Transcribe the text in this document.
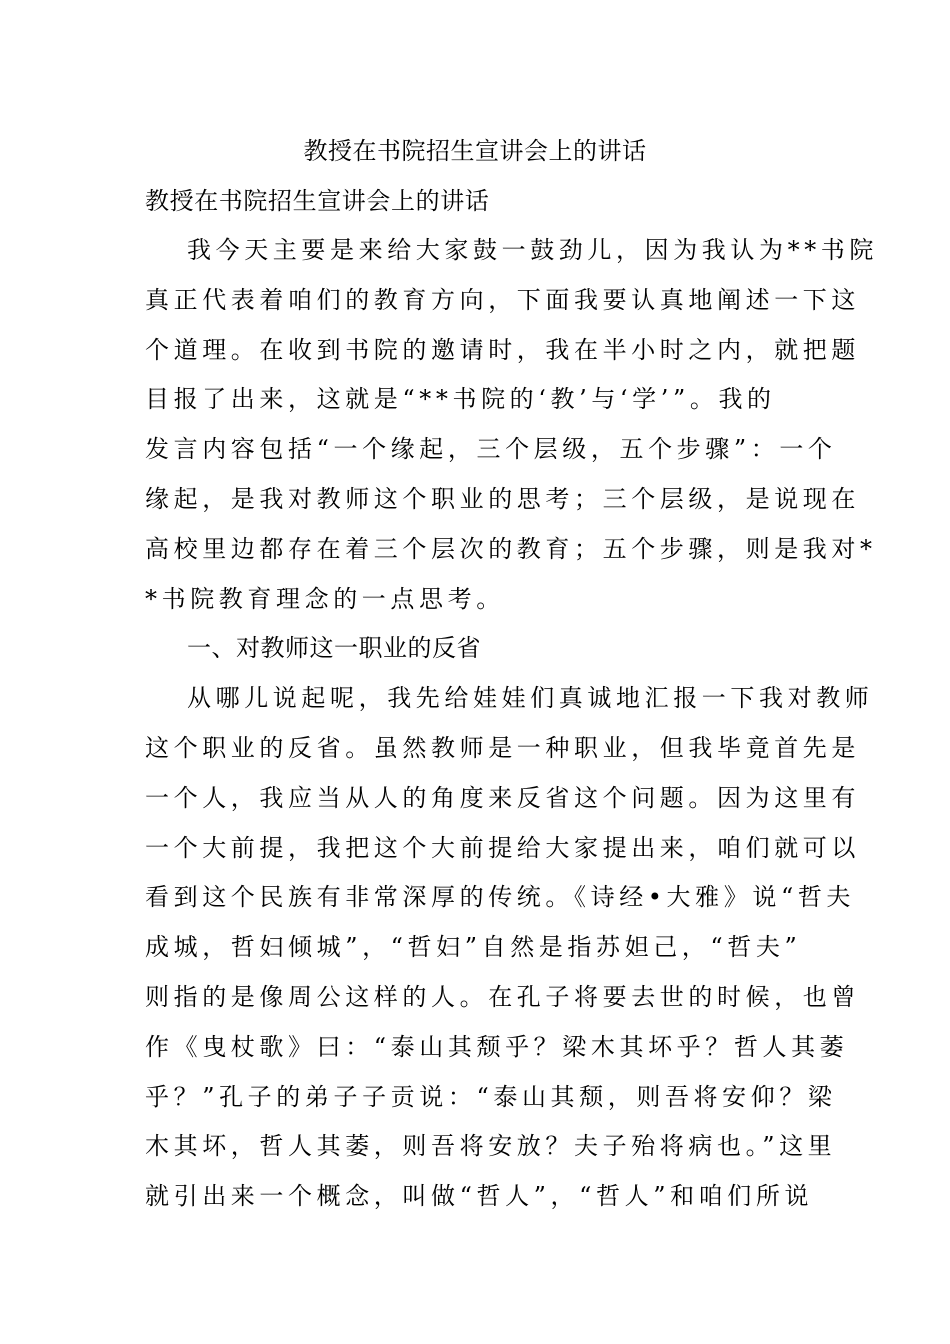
教授在书院招生宣讲会上的讲话
教授在书院招生宣讲会上的讲话
我今天主要是来给大家鼓一鼓劲儿，因为我认为**书院
真正代表着咱们的教育方向，下面我要认真地阐述一下这
个道理。在收到书院的邀请时，我在半小时之内，就把题
目报了出来，这就是“**书院的‘教’与‘学’”。我的
发言内容包括“一个缘起，三个层级，五个步骤”：一个
缘起，是我对教师这个职业的思考；三个层级，是说现在
高校里边都存在着三个层次的教育；五个步骤，则是我对*
*书院教育理念的一点思考。
一、对教师这一职业的反省
从哪儿说起呢，我先给娃娃们真诚地汇报一下我对教师
这个职业的反省。虽然教师是一种职业，但我毕竟首先是
一个人，我应当从人的角度来反省这个问题。因为这里有
一个大前提，我把这个大前提给大家提出来，咱们就可以
看到这个民族有非常深厚的传统。《诗经•大雅》说“哲夫
成城，哲妇倾城”，“哲妇”自然是指苏妲己，“哲夫”
则指的是像周公这样的人。在孔子将要去世的时候，也曾
作《曳杖歌》曰：“泰山其颓乎？梁木其坏乎？哲人其萎
乎？”孔子的弟子子贡说：“泰山其颓，则吾将安仰？梁
木其坏，哲人其萎，则吾将安放？夫子殆将病也。”这里
就引出来一个概念，叫做“哲人”，“哲人”和咱们所说
